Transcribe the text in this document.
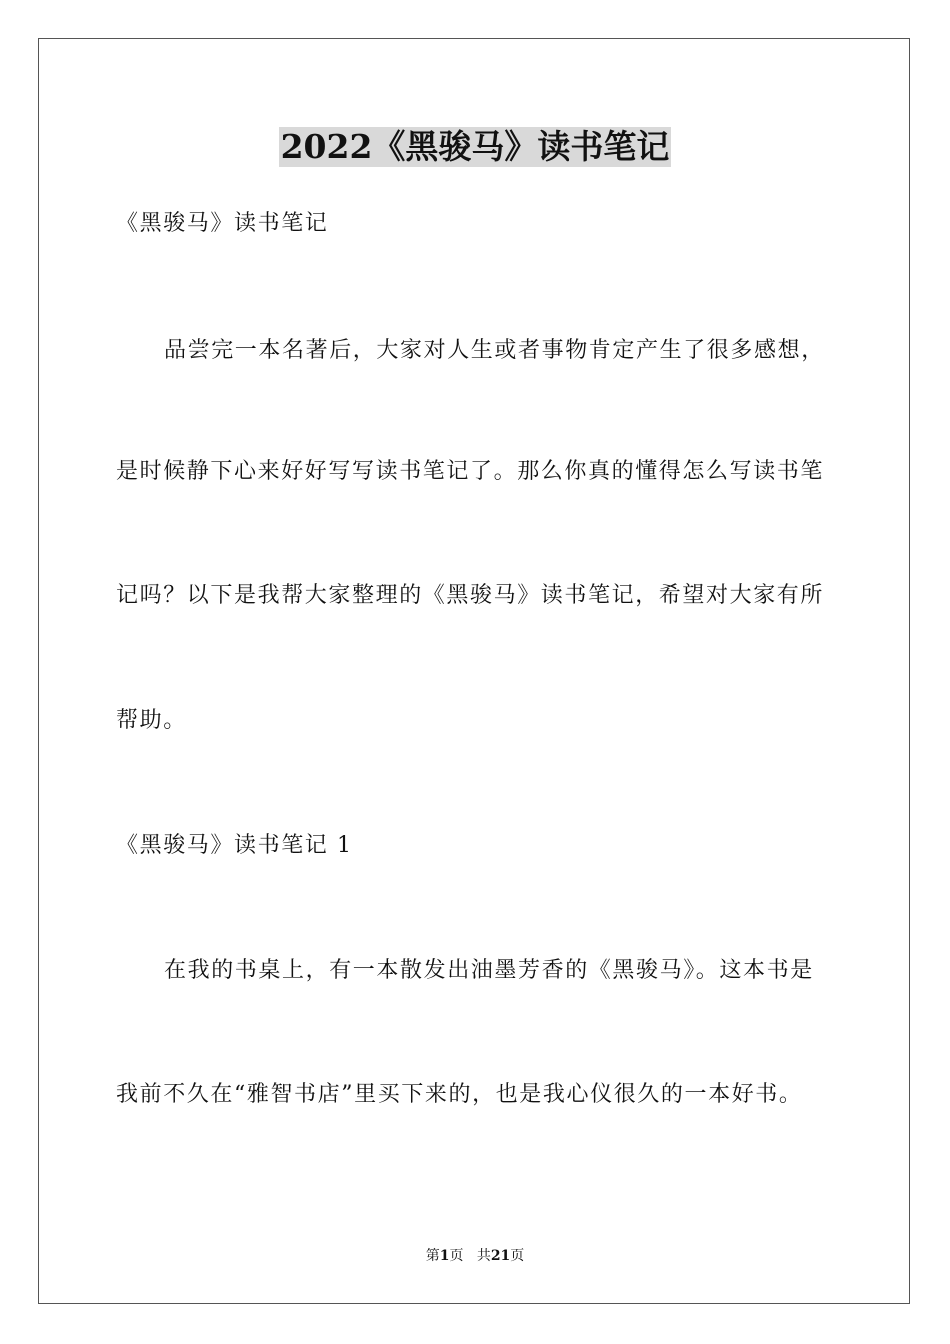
2022《黑骏马》读书笔记
《黑骏马》读书笔记
品尝完一本名著后，大家对人生或者事物肯定产生了很多感想，
是时候静下心来好好写写读书笔记了。那么你真的懂得怎么写读书笔
记吗？以下是我帮大家整理的《黑骏马》读书笔记，希望对大家有所
帮助。
《黑骏马》读书笔记 1
在我的书桌上，有一本散发出油墨芳香的《黑骏马》。这本书是
我前不久在“雅智书店”里买下来的，也是我心仪很久的一本好书。
第1页 共21页
